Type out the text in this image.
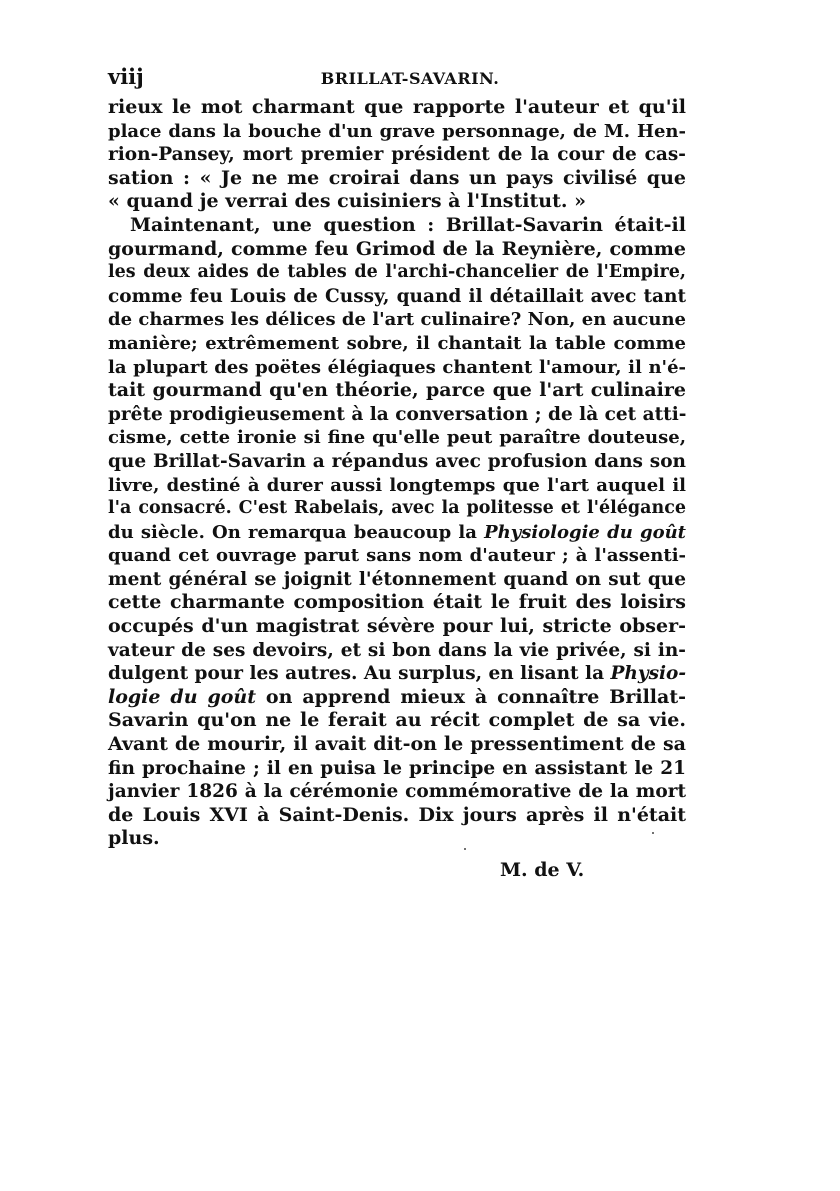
viij	BRILLAT-SAVARIN.
rieux le mot charmant que rapporte l'auteur et qu'il
place dans la bouche d'un grave personnage, de M. Hen-
rion-Pansey, mort premier président de la cour de cas-
sation : « Je ne me croirai dans un pays civilisé que
« quand je verrai des cuisiniers à l'Institut. »
Maintenant, une question : Brillat-Savarin était-il
gourmand, comme feu Grimod de la Reynière, comme
les deux aides de tables de l'archi-chancelier de l'Empire,
comme feu Louis de Cussy, quand il détaillait avec tant
de charmes les délices de l'art culinaire? Non, en aucune
manière; extrêmement sobre, il chantait la table comme
la plupart des poëtes élégiaques chantent l'amour, il n'é-
tait gourmand qu'en théorie, parce que l'art culinaire
prête prodigieusement à la conversation ; de là cet atti-
cisme, cette ironie si fine qu'elle peut paraître douteuse,
que Brillat-Savarin a répandus avec profusion dans son
livre, destiné à durer aussi longtemps que l'art auquel il
l'a consacré. C'est Rabelais, avec la politesse et l'élégance
du siècle. On remarqua beaucoup la Physiologie du goût
quand cet ouvrage parut sans nom d'auteur ; à l'assenti-
ment général se joignit l'étonnement quand on sut que
cette charmante composition était le fruit des loisirs
occupés d'un magistrat sévère pour lui, stricte obser-
vateur de ses devoirs, et si bon dans la vie privée, si in-
dulgent pour les autres. Au surplus, en lisant la Physio-
logie du goût on apprend mieux à connaître Brillat-
Savarin qu'on ne le ferait au récit complet de sa vie.
Avant de mourir, il avait dit-on le pressentiment de sa
fin prochaine ; il en puisa le principe en assistant le 21
janvier 1826 à la cérémonie commémorative de la mort
de Louis XVI à Saint-Denis. Dix jours après il n'était
plus.
M. de V.
